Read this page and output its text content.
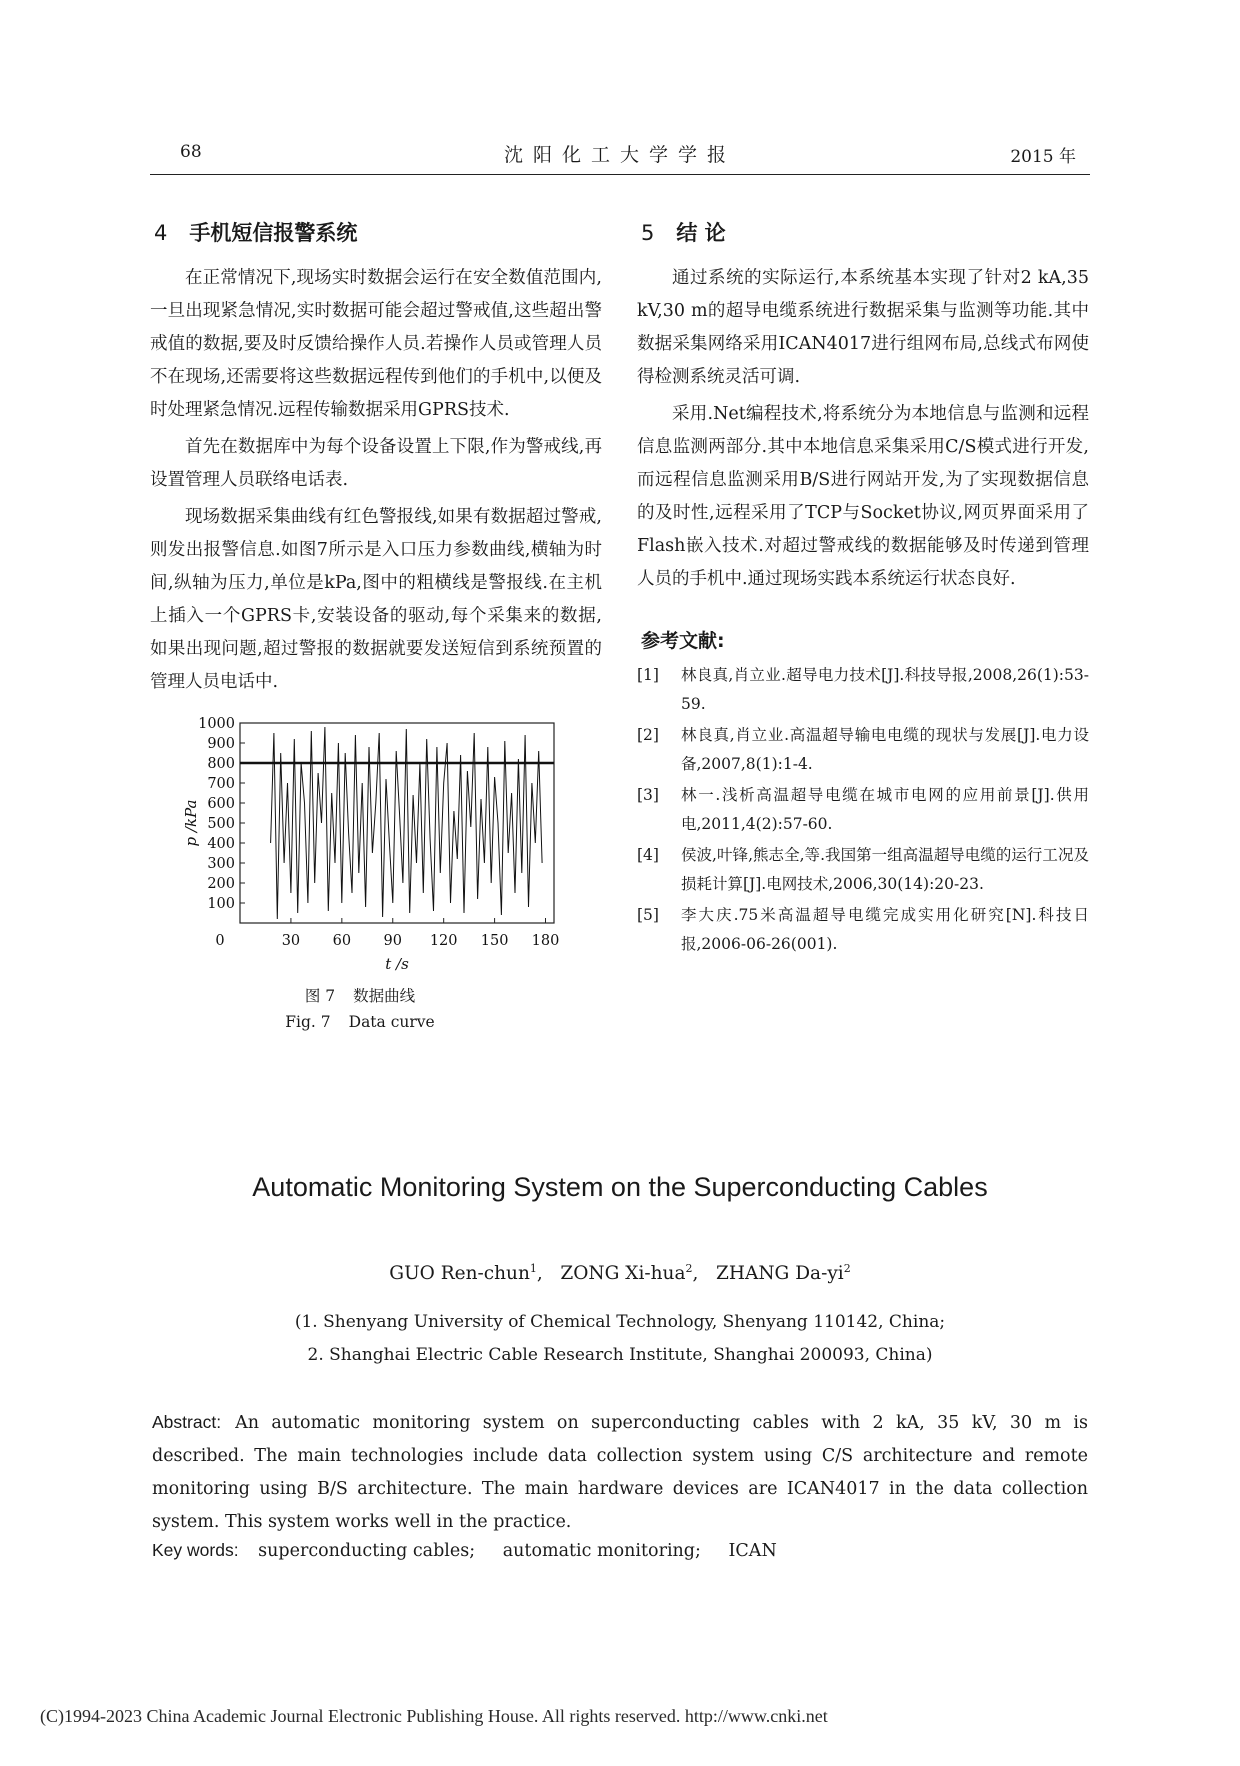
68	沈阳化工大学学报	2015 年
4 手机短信报警系统

在正常情况下,现场实时数据会运行在安全数值范围内,一旦出现紧急情况,实时数据可能会超过警戒值,这些超出警戒值的数据,要及时反馈给操作人员.若操作人员或管理人员不在现场,还需要将这些数据远程传到他们的手机中,以便及时处理紧急情况.远程传输数据采用GPRS技术.

首先在数据库中为每个设备设置上下限,作为警戒线,再设置管理人员联络电话表.

现场数据采集曲线有红色警报线,如果有数据超过警戒,则发出报警信息.如图7所示是入口压力参数曲线,横轴为时间,纵轴为压力,单位是kPa,图中的粗横线是警报线.在主机上插入一个GPRS卡,安装设备的驱动,每个采集来的数据,如果出现问题,超过警报的数据就要发送短信到系统预置的管理人员电话中.

100
200
300
400
500
600
700
800
900
1000
0	30 60 90 120 150 180
t /s
p /kPa
图 7 数据曲线
Fig. 7 Data curve
5 结 论

通过系统的实际运行,本系统基本实现了针对2 kA,35 kV,30 m的超导电缆系统进行数据采集与监测等功能.其中数据采集网络采用ICAN4017进行组网布局,总线式布网使得检测系统灵活可调.

采用.Net编程技术,将系统分为本地信息与监测和远程信息监测两部分.其中本地信息采集采用C/S模式进行开发,而远程信息监测采用B/S进行网站开发,为了实现数据信息的及时性,远程采用了TCP与Socket协议,网页界面采用了Flash嵌入技术.对超过警戒线的数据能够及时传递到管理人员的手机中.通过现场实践本系统运行状态良好.

参考文献:
[1]	林良真,肖立业.超导电力技术[J].科技导报,2008,26(1):53-59.
[2]	林良真,肖立业.高温超导输电电缆的现状与发展[J].电力设备,2007,8(1):1-4.
[3]	林一.浅析高温超导电缆在城市电网的应用前景[J].供用电,2011,4(2):57-60.
[4]	侯波,叶锋,熊志全,等.我国第一组高温超导电缆的运行工况及损耗计算[J].电网技术,2006,30(14):20-23.
[5]	李大庆.75米高温超导电缆完成实用化研究[N].科技日报,2006-06-26(001).
Automatic Monitoring System on the Superconducting Cables
GUO Ren-chun$^1$,   ZONG Xi-hua$^2$,   ZHANG $Da-yi^2$
(1. Shenyang University of Chemical Technology, Shenyang 110142, China;
2. Shanghai Electric Cable Research Institute, Shanghai 200093, China)
Abstract: An automatic monitoring system on superconducting cables with 2 kA, 35 kV, 30 m is described. The main technologies include data collection system using C/S architecture and remote monitoring using B/S architecture. The main hardware devices are ICAN4017 in the data collection system. This system works well in the practice.
Key words: superconducting cables; automatic monitoring; ICAN
(C)1994-2023 China Academic Journal Electronic Publishing House. All rights reserved. http://www.cnki.net
